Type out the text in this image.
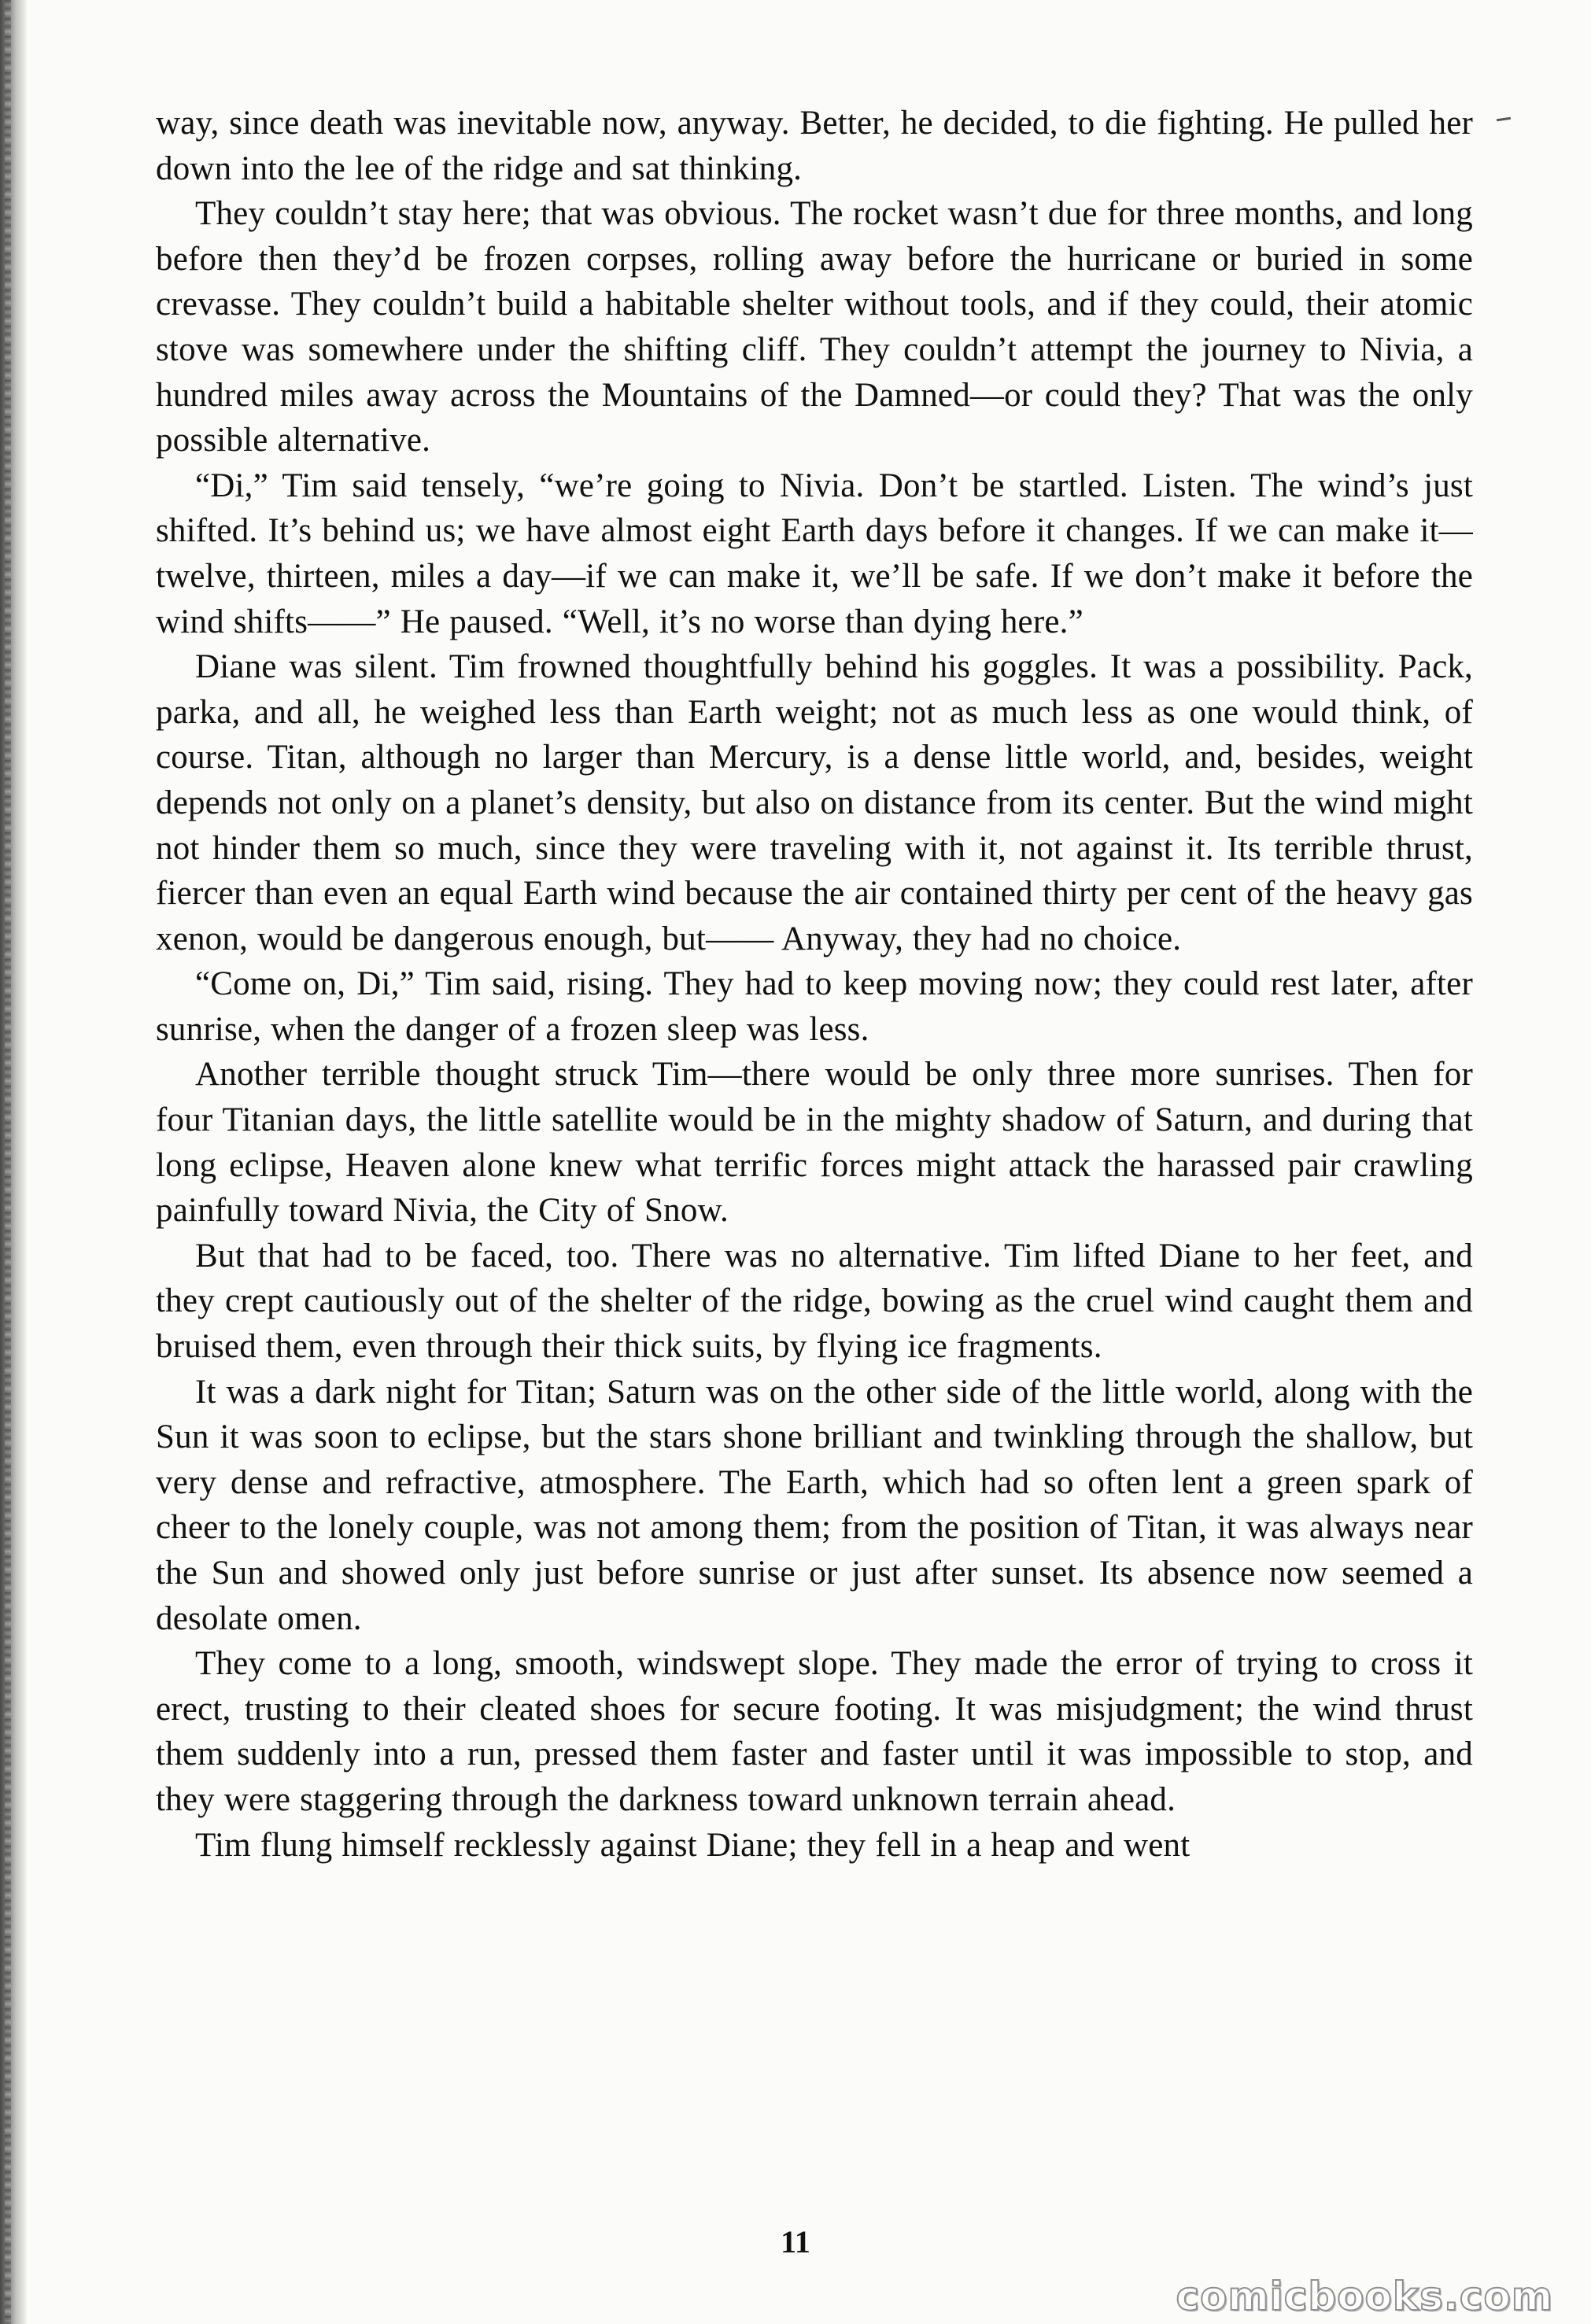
way, since death was inevitable now, anyway. Better, he decided, to die fighting. He pulled her down into the lee of the ridge and sat thinking.

They couldn’t stay here; that was obvious. The rocket wasn’t due for three months, and long before then they’d be frozen corpses, rolling away before the hurricane or buried in some crevasse. They couldn’t build a habitable shelter without tools, and if they could, their atomic stove was somewhere under the shifting cliff. They couldn’t attempt the journey to Nivia, a hundred miles away across the Mountains of the Damned—or could they? That was the only possible alternative.

“Di,” Tim said tensely, “we’re going to Nivia. Don’t be startled. Listen. The wind’s just shifted. It’s behind us; we have almost eight Earth days before it changes. If we can make it—twelve, thirteen, miles a day—if we can make it, we’ll be safe. If we don’t make it before the wind shifts——” He paused. “Well, it’s no worse than dying here.”

Diane was silent. Tim frowned thoughtfully behind his goggles. It was a possibility. Pack, parka, and all, he weighed less than Earth weight; not as much less as one would think, of course. Titan, although no larger than Mercury, is a dense little world, and, besides, weight depends not only on a planet’s density, but also on distance from its center. But the wind might not hinder them so much, since they were traveling with it, not against it. Its terrible thrust, fiercer than even an equal Earth wind because the air contained thirty per cent of the heavy gas xenon, would be dangerous enough, but—— Anyway, they had no choice.

“Come on, Di,” Tim said, rising. They had to keep moving now; they could rest later, after sunrise, when the danger of a frozen sleep was less.

Another terrible thought struck Tim—there would be only three more sunrises. Then for four Titanian days, the little satellite would be in the mighty shadow of Saturn, and during that long eclipse, Heaven alone knew what terrific forces might attack the harassed pair crawling painfully toward Nivia, the City of Snow.

But that had to be faced, too. There was no alternative. Tim lifted Diane to her feet, and they crept cautiously out of the shelter of the ridge, bowing as the cruel wind caught them and bruised them, even through their thick suits, by flying ice fragments.

It was a dark night for Titan; Saturn was on the other side of the little world, along with the Sun it was soon to eclipse, but the stars shone brilliant and twinkling through the shallow, but very dense and refractive, atmosphere. The Earth, which had so often lent a green spark of cheer to the lonely couple, was not among them; from the position of Titan, it was always near the Sun and showed only just before sunrise or just after sunset. Its absence now seemed a desolate omen.

They come to a long, smooth, windswept slope. They made the error of trying to cross it erect, trusting to their cleated shoes for secure footing. It was misjudgment; the wind thrust them suddenly into a run, pressed them faster and faster until it was impossible to stop, and they were staggering through the darkness toward unknown terrain ahead.

Tim flung himself recklessly against Diane; they fell in a heap and went

11
comicbooks.com
